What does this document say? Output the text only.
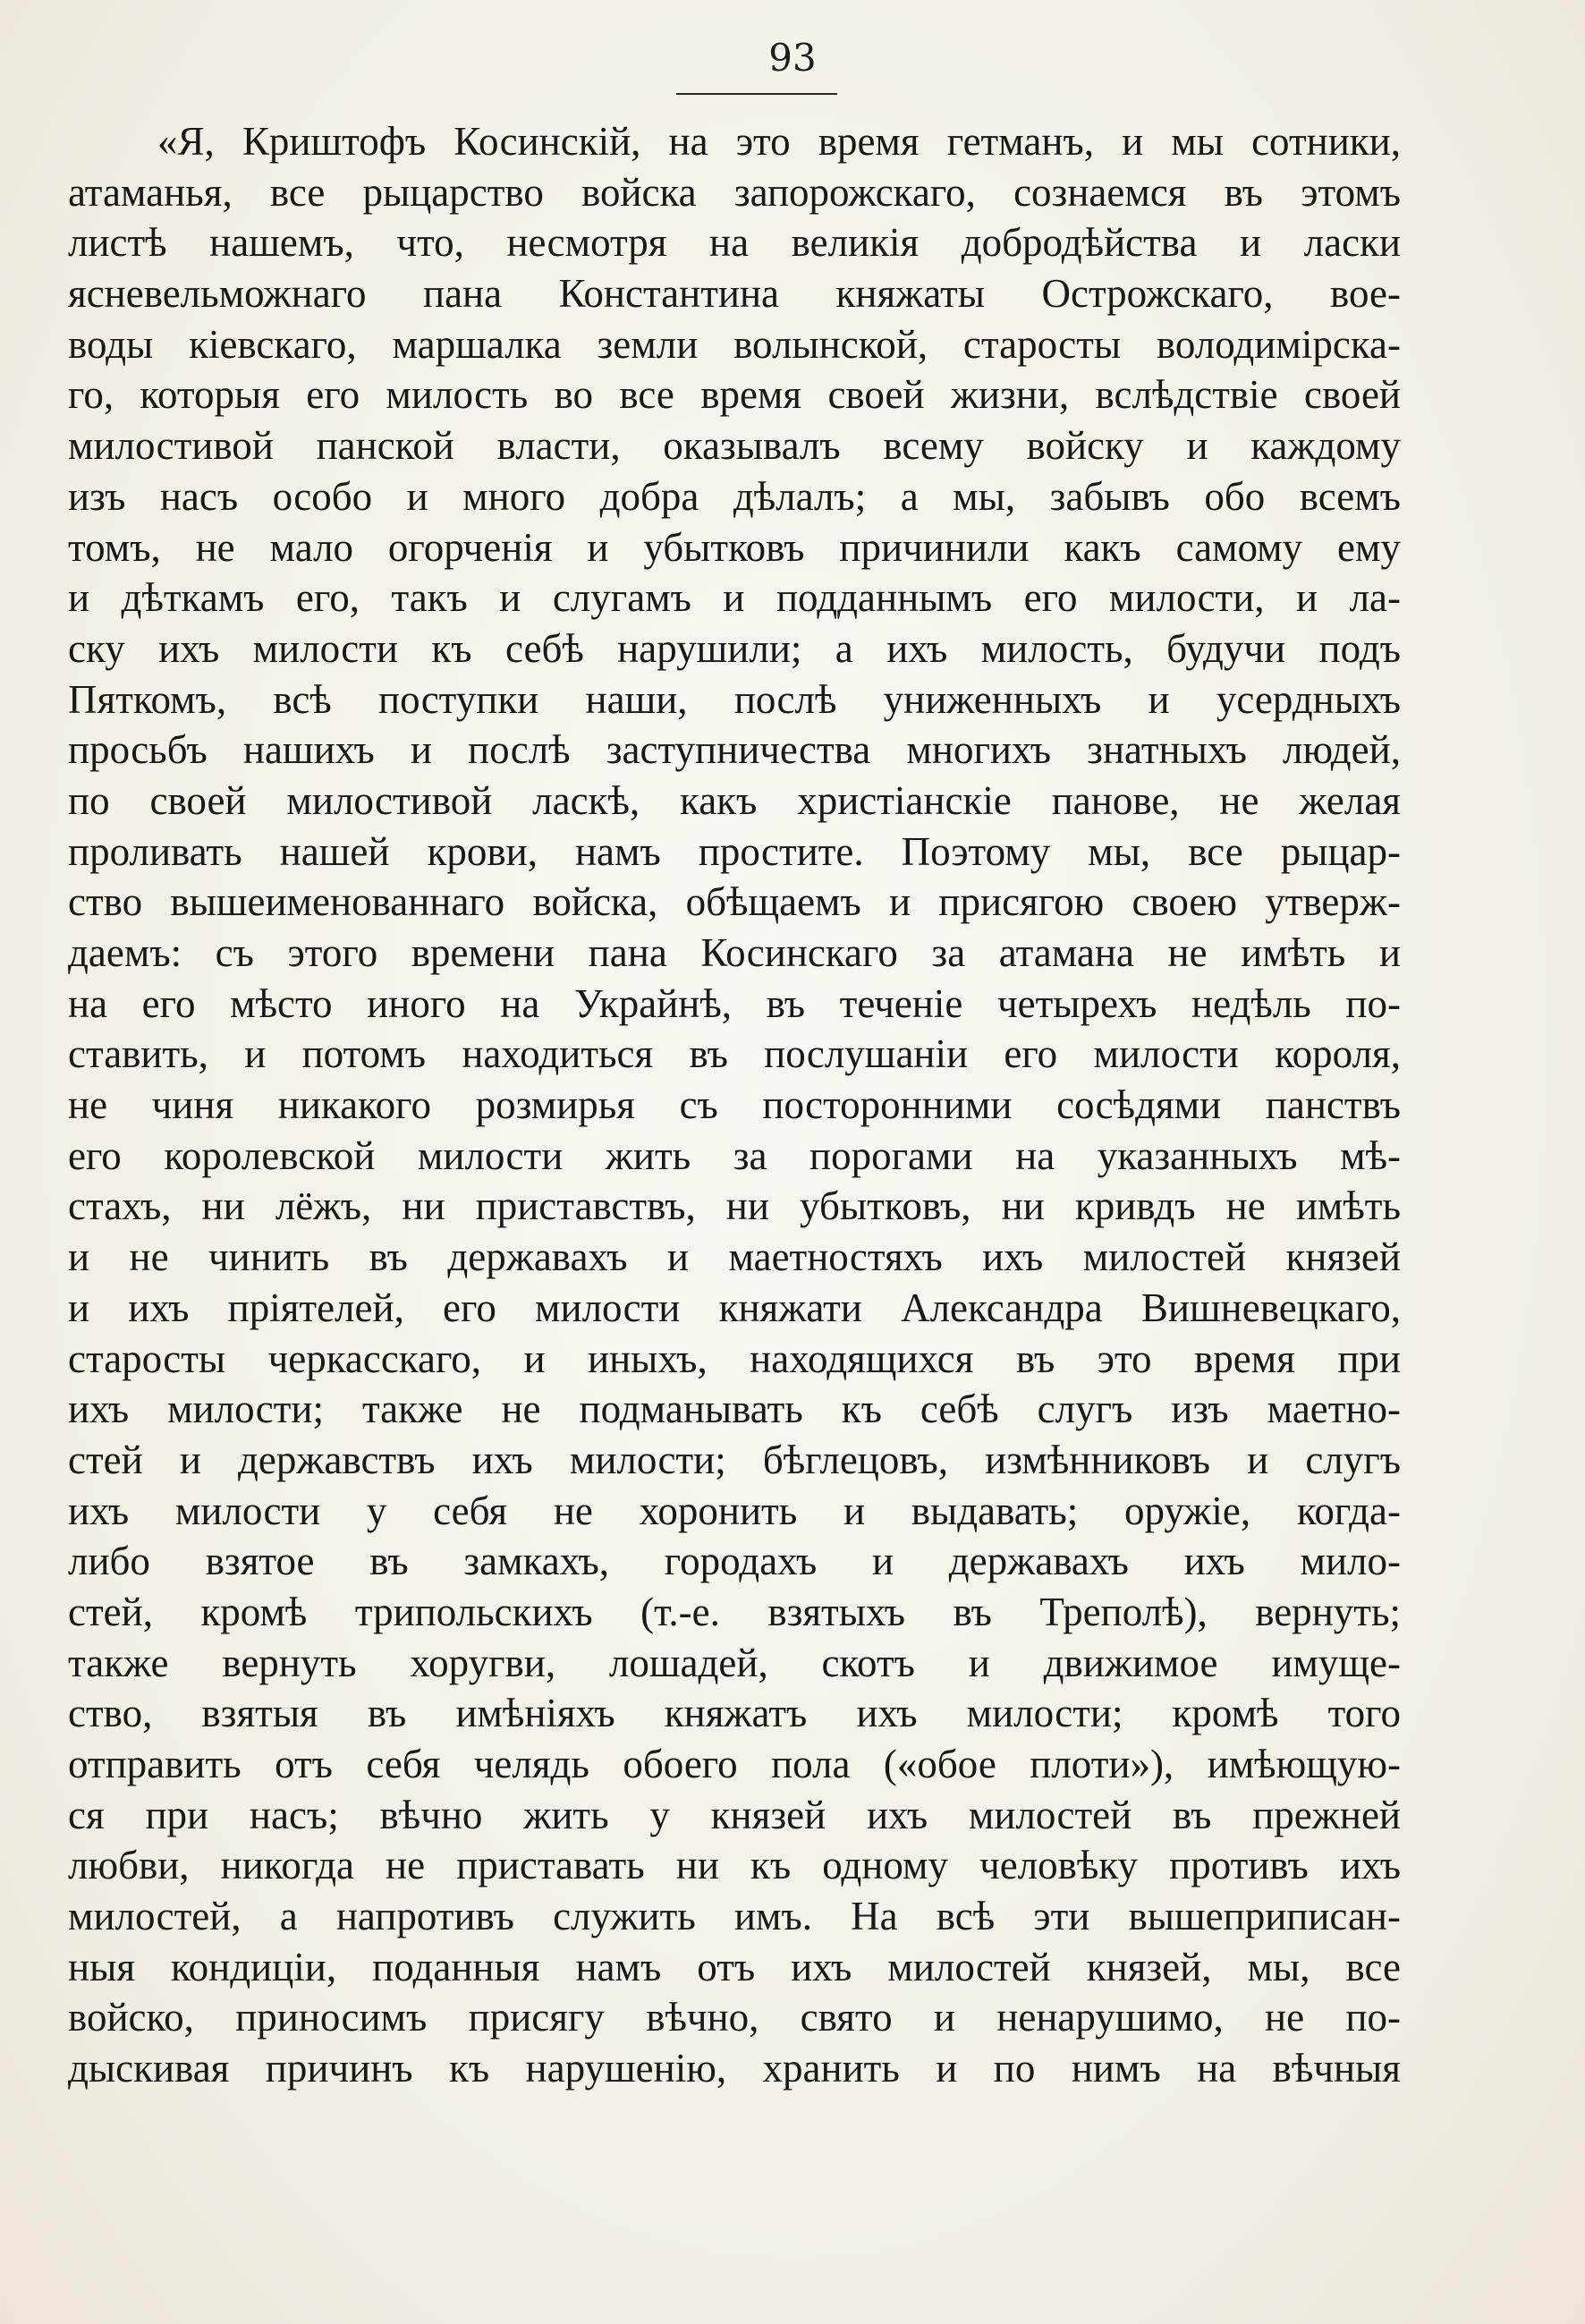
93
«Я, Криштофъ Косинскій, на это время гетманъ, и мы сотники,
атаманья, все рыцарство войска запорожскаго, сознаемся въ этомъ
листѣ нашемъ, что, несмотря на великія добродѣйства и ласки
ясневельможнаго пана Константина княжаты Острожскаго, вое-
воды кіевскаго, маршалка земли волынской, старосты володимірска-
го, которыя его милость во все время своей жизни, вслѣдствіе своей
милостивой панской власти, оказывалъ всему войску и каждому
изъ насъ особо и много добра дѣлалъ; а мы, забывъ обо всемъ
томъ, не мало огорченія и убытковъ причинили какъ самому ему
и дѣткамъ его, такъ и слугамъ и подданнымъ его милости, и ла-
ску ихъ милости къ себѣ нарушили; а ихъ милость, будучи подъ
Пяткомъ, всѣ поступки наши, послѣ униженныхъ и усердныхъ
просьбъ нашихъ и послѣ заступничества многихъ знатныхъ людей,
по своей милостивой ласкѣ, какъ христіанскіе панове, не желая
проливать нашей крови, намъ простите. Поэтому мы, все рыцар-
ство вышеименованнаго войска, обѣщаемъ и присягою своею утверж-
даемъ: съ этого времени пана Косинскаго за атамана не имѣть и
на его мѣсто иного на Украйнѣ, въ теченіе четырехъ недѣль по-
ставить, и потомъ находиться въ послушаніи его милости короля,
не чиня никакого розмирья съ посторонними сосѣдями панствъ
его королевской милости жить за порогами на указанныхъ мѣ-
стахъ, ни лёжъ, ни приставствъ, ни убытковъ, ни кривдъ не имѣть
и не чинить въ державахъ и маетностяхъ ихъ милостей князей
и ихъ пріятелей, его милости княжати Александра Вишневецкаго,
старосты черкасскаго, и иныхъ, находящихся въ это время при
ихъ милости; также не подманывать къ себѣ слугъ изъ маетно-
стей и державствъ ихъ милости; бѣглецовъ, измѣнниковъ и слугъ
ихъ милости у себя не хоронить и выдавать; оружіе, когда-
либо взятое въ замкахъ, городахъ и державахъ ихъ мило-
стей, кромѣ трипольскихъ (т.-е. взятыхъ въ Треполѣ), вернуть;
также вернуть хоругви, лошадей, скотъ и движимое имуще-
ство, взятыя въ имѣніяхъ княжатъ ихъ милости; кромѣ того
отправить отъ себя челядь обоего пола («обое плоти»), имѣющую-
ся при насъ; вѣчно жить у князей ихъ милостей въ прежней
любви, никогда не приставать ни къ одному человѣку противъ ихъ
милостей, а напротивъ служить имъ. На всѣ эти вышеприписан-
ныя кондиціи, поданныя намъ отъ ихъ милостей князей, мы, все
войско, приносимъ присягу вѣчно, свято и ненарушимо, не по-
дыскивая причинъ къ нарушенію, хранить и по нимъ на вѣчныя
